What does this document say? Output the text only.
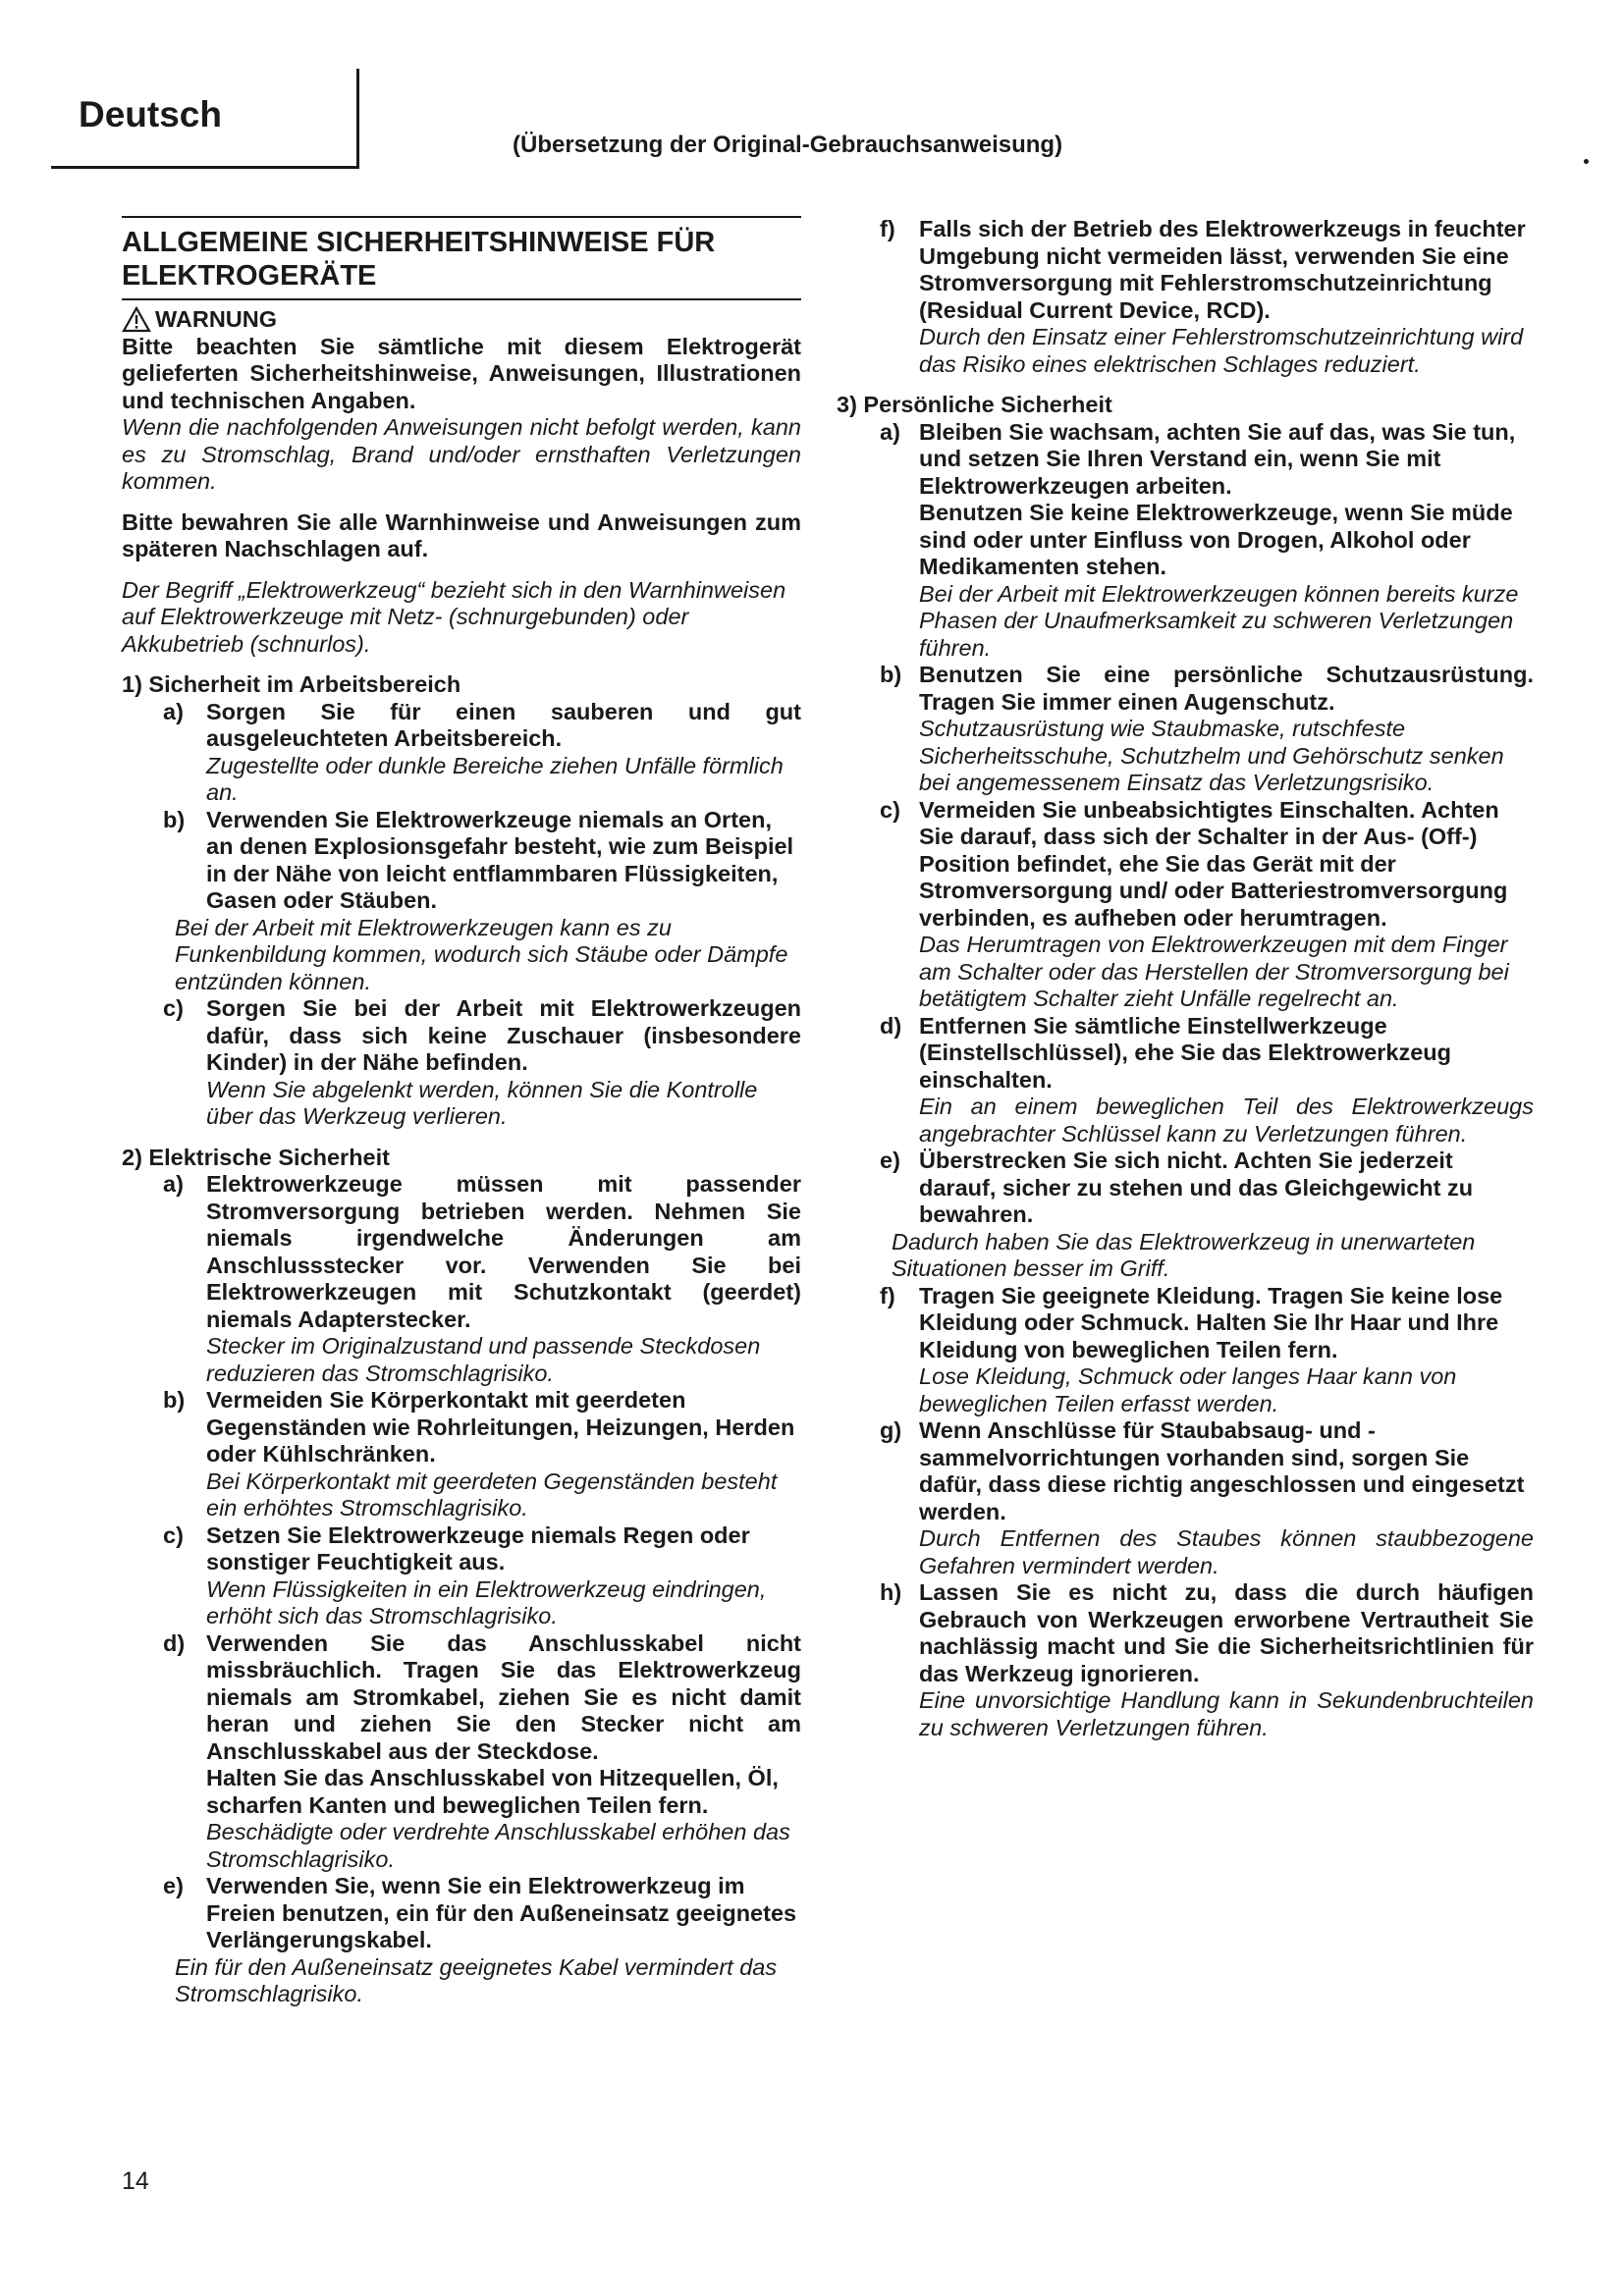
Deutsch
(Übersetzung der Original-Gebrauchsanweisung)
ALLGEMEINE SICHERHEITSHINWEISE FÜR ELEKTROGERÄTE
WARNUNG
Bitte beachten Sie sämtliche mit diesem Elektrogerät gelieferten Sicherheitshinweise, Anweisungen, Illustrationen und technischen Angaben.
Wenn die nachfolgenden Anweisungen nicht befolgt werden, kann es zu Stromschlag, Brand und/oder ernsthaften Verletzungen kommen.
Bitte bewahren Sie alle Warnhinweise und Anweisungen zum späteren Nachschlagen auf.
Der Begriff „Elektrowerkzeug“ bezieht sich in den Warnhinweisen auf Elektrowerkzeuge mit Netz- (schnurgebunden) oder Akkubetrieb (schnurlos).
1) Sicherheit im Arbeitsbereich
a) Sorgen Sie für einen sauberen und gut ausgeleuchteten Arbeitsbereich.
Zugestellte oder dunkle Bereiche ziehen Unfälle förmlich an.
b) Verwenden Sie Elektrowerkzeuge niemals an Orten, an denen Explosionsgefahr besteht, wie zum Beispiel in der Nähe von leicht entflammbaren Flüssigkeiten, Gasen oder Stäuben.
Bei der Arbeit mit Elektrowerkzeugen kann es zu Funkenbildung kommen, wodurch sich Stäube oder Dämpfe entzünden können.
c) Sorgen Sie bei der Arbeit mit Elektrowerkzeugen dafür, dass sich keine Zuschauer (insbesondere Kinder) in der Nähe befinden.
Wenn Sie abgelenkt werden, können Sie die Kontrolle über das Werkzeug verlieren.
2) Elektrische Sicherheit
a) Elektrowerkzeuge müssen mit passender Stromversorgung betrieben werden. Nehmen Sie niemals irgendwelche Änderungen am Anschlussstecker vor. Verwenden Sie bei Elektrowerkzeugen mit Schutzkontakt (geerdet) niemals Adapterstecker.
Stecker im Originalzustand und passende Steckdosen reduzieren das Stromschlagrisiko.
b) Vermeiden Sie Körperkontakt mit geerdeten Gegenständen wie Rohrleitungen, Heizungen, Herden oder Kühlschränken.
Bei Körperkontakt mit geerdeten Gegenständen besteht ein erhöhtes Stromschlagrisiko.
c) Setzen Sie Elektrowerkzeuge niemals Regen oder sonstiger Feuchtigkeit aus.
Wenn Flüssigkeiten in ein Elektrowerkzeug eindringen, erhöht sich das Stromschlagrisiko.
d) Verwenden Sie das Anschlusskabel nicht missbräuchlich. Tragen Sie das Elektrowerkzeug niemals am Stromkabel, ziehen Sie es nicht damit heran und ziehen Sie den Stecker nicht am Anschlusskabel aus der Steckdose.
Halten Sie das Anschlusskabel von Hitzequellen, Öl, scharfen Kanten und beweglichen Teilen fern.
Beschädigte oder verdrehte Anschlusskabel erhöhen das Stromschlagrisiko.
e) Verwenden Sie, wenn Sie ein Elektrowerkzeug im Freien benutzen, ein für den Außeneinsatz geeignetes Verlängerungskabel.
Ein für den Außeneinsatz geeignetes Kabel vermindert das Stromschlagrisiko.
f) Falls sich der Betrieb des Elektrowerkzeugs in feuchter Umgebung nicht vermeiden lässt, verwenden Sie eine Stromversorgung mit Fehlerstromschutzeinrichtung (Residual Current Device, RCD).
Durch den Einsatz einer Fehlerstromschutzeinrichtung wird das Risiko eines elektrischen Schlages reduziert.
3) Persönliche Sicherheit
a) Bleiben Sie wachsam, achten Sie auf das, was Sie tun, und setzen Sie Ihren Verstand ein, wenn Sie mit Elektrowerkzeugen arbeiten.
Benutzen Sie keine Elektrowerkzeuge, wenn Sie müde sind oder unter Einfluss von Drogen, Alkohol oder Medikamenten stehen.
Bei der Arbeit mit Elektrowerkzeugen können bereits kurze Phasen der Unaufmerksamkeit zu schweren Verletzungen führen.
b) Benutzen Sie eine persönliche Schutzausrüstung. Tragen Sie immer einen Augenschutz.
Schutzausrüstung wie Staubmaske, rutschfeste Sicherheitsschuhe, Schutzhelm und Gehörschutz senken bei angemessenem Einsatz das Verletzungsrisiko.
c) Vermeiden Sie unbeabsichtigtes Einschalten. Achten Sie darauf, dass sich der Schalter in der Aus- (Off-) Position befindet, ehe Sie das Gerät mit der Stromversorgung und/ oder Batteriestromversorgung verbinden, es aufheben oder herumtragen.
Das Herumtragen von Elektrowerkzeugen mit dem Finger am Schalter oder das Herstellen der Stromversorgung bei betätigtem Schalter zieht Unfälle regelrecht an.
d) Entfernen Sie sämtliche Einstellwerkzeuge (Einstellschlüssel), ehe Sie das Elektrowerkzeug einschalten.
Ein an einem beweglichen Teil des Elektrowerkzeugs angebrachter Schlüssel kann zu Verletzungen führen.
e) Überstrecken Sie sich nicht. Achten Sie jederzeit darauf, sicher zu stehen und das Gleichgewicht zu bewahren.
Dadurch haben Sie das Elektrowerkzeug in unerwarteten Situationen besser im Griff.
f) Tragen Sie geeignete Kleidung. Tragen Sie keine lose Kleidung oder Schmuck. Halten Sie Ihr Haar und Ihre Kleidung von beweglichen Teilen fern.
Lose Kleidung, Schmuck oder langes Haar kann von beweglichen Teilen erfasst werden.
g) Wenn Anschlüsse für Staubabsaug- und -sammelvorrichtungen vorhanden sind, sorgen Sie dafür, dass diese richtig angeschlossen und eingesetzt werden.
Durch Entfernen des Staubes können staubbezogene Gefahren vermindert werden.
h) Lassen Sie es nicht zu, dass die durch häufigen Gebrauch von Werkzeugen erworbene Vertrautheit Sie nachlässig macht und Sie die Sicherheitsrichtlinien für das Werkzeug ignorieren.
Eine unvorsichtige Handlung kann in Sekundenbruchteilen zu schweren Verletzungen führen.
14
